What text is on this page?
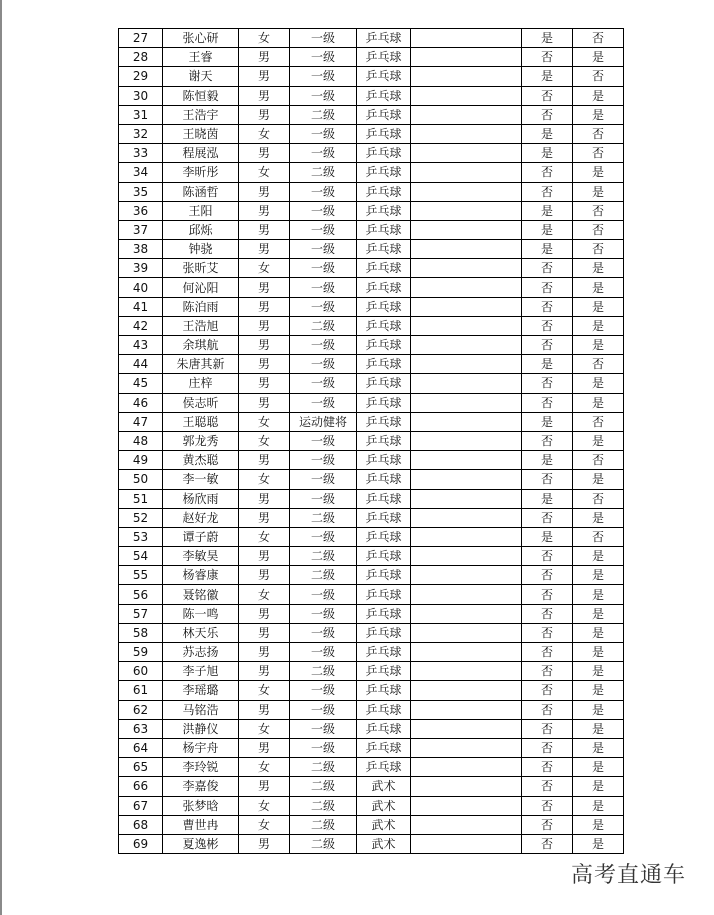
27	张心研	女	一级	乒乓球		是	否
28	王睿	男	一级	乒乓球		否	是
29	谢天	男	一级	乒乓球		是	否
30	陈恒毅	男	一级	乒乓球		否	是
31	王浩宇	男	二级	乒乓球		否	是
32	王晓茵	女	一级	乒乓球		是	否
33	程展泓	男	一级	乒乓球		是	否
34	李昕彤	女	二级	乒乓球		否	是
35	陈涵哲	男	一级	乒乓球		否	是
36	王阳	男	一级	乒乓球		是	否
37	邱烁	男	一级	乒乓球		是	否
38	钟骁	男	一级	乒乓球		是	否
39	张昕艾	女	一级	乒乓球		否	是
40	何沁阳	男	一级	乒乓球		否	是
41	陈泊雨	男	一级	乒乓球		否	是
42	王浩旭	男	二级	乒乓球		否	是
43	余琪航	男	一级	乒乓球		否	是
44	朱唐其新	男	一级	乒乓球		是	否
45	庄梓	男	一级	乒乓球		否	是
46	侯志昕	男	一级	乒乓球		否	是
47	王聪聪	女	运动健将	乒乓球		是	否
48	郭龙秀	女	一级	乒乓球		否	是
49	黄杰聪	男	一级	乒乓球		是	否
50	李一敏	女	一级	乒乓球		否	是
51	杨欣雨	男	一级	乒乓球		是	否
52	赵好龙	男	二级	乒乓球		否	是
53	谭子蔚	女	一级	乒乓球		是	否
54	李敏昊	男	二级	乒乓球		否	是
55	杨睿康	男	二级	乒乓球		否	是
56	聂铭徽	女	一级	乒乓球		否	是
57	陈一鸣	男	一级	乒乓球		否	是
58	林天乐	男	一级	乒乓球		否	是
59	苏志扬	男	一级	乒乓球		否	是
60	李子旭	男	二级	乒乓球		否	是
61	李瑶璐	女	一级	乒乓球		否	是
62	马铭浩	男	一级	乒乓球		否	是
63	洪静仪	女	一级	乒乓球		否	是
64	杨宇舟	男	一级	乒乓球		否	是
65	李玲锐	女	二级	乒乓球		否	是
66	李嘉俊	男	二级	武术		否	是
67	张梦晗	女	二级	武术		否	是
68	曹世冉	女	二级	武术		否	是
69	夏逸彬	男	二级	武术		否	是
高考直通车
